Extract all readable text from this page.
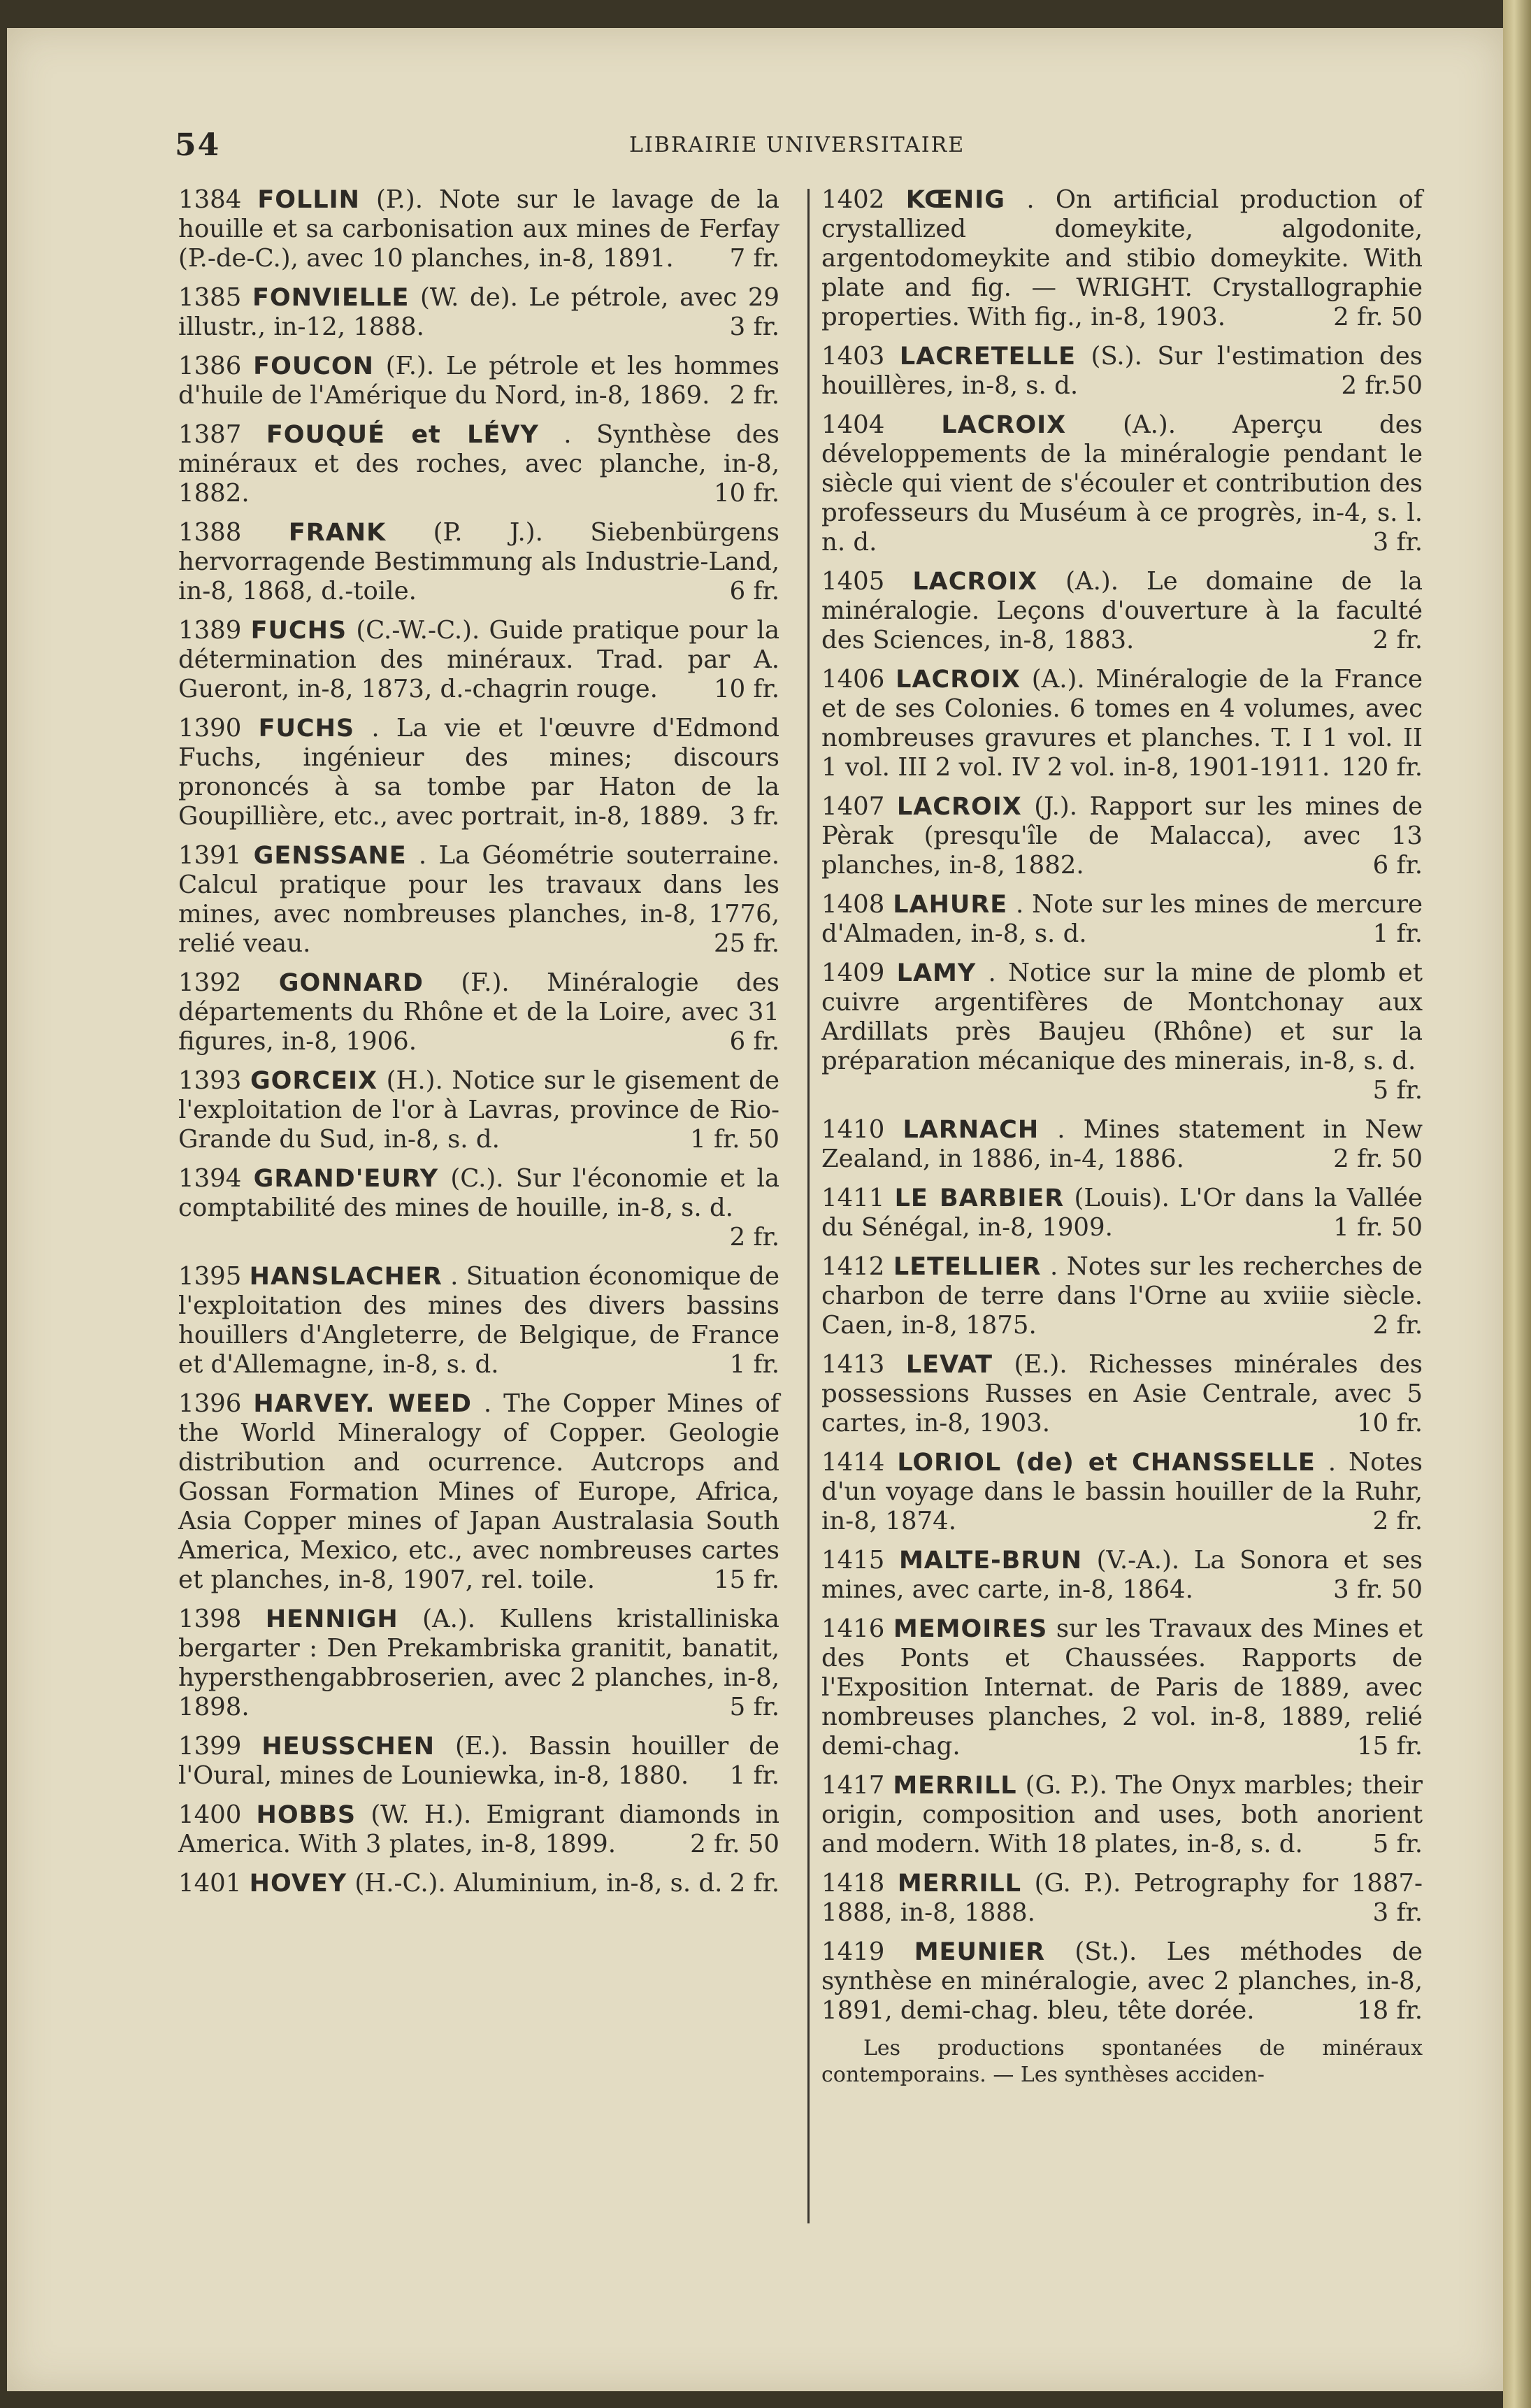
54	LIBRAIRIE UNIVERSITAIRE
1384 FOLLIN (P.). Note sur le lavage de la houille et sa carbonisation aux mines de Ferfay (P.-de-C.), avec 10 planches, in-8, 1891. 7 fr.
1385 FONVIELLE (W. de). Le pétrole, avec 29 illustr., in-12, 1888.	3 fr.
1386 FOUCON (F.). Le pétrole et les hommes d'huile de l'Amérique du Nord, in-8, 1869. 2 fr.
1387 FOUQUÉ et LÉVY . Synthèse des minéraux et des roches, avec planche, in-8, 1882.	10 fr.
1388 FRANK (P. J.). Siebenbürgens hervorragende Bestimmung als Industrie-Land, in-8, 1868, d.-toile.	6 fr.
1389 FUCHS (C.-W.-C.). Guide pratique pour la détermination des minéraux. Trad. par A. Gueront, in-8, 1873, d.-chagrin rouge. 10 fr.
1390 FUCHS . La vie et l'œuvre d'Edmond Fuchs, ingénieur des mines; discours prononcés à sa tombe par Haton de la Goupillière, etc., avec portrait, in-8, 1889. 3 fr.
1391 GENSSANE . La Géométrie souterraine. Calcul pratique pour les travaux dans les mines, avec nombreuses planches, in-8, 1776, relié veau.	25 fr.
1392 GONNARD (F.). Minéralogie des départements du Rhône et de la Loire, avec 31 figures, in-8, 1906.	6 fr.
1393 GORCEIX (H.). Notice sur le gisement de l'exploitation de l'or à Lavras, province de Rio-Grande du Sud, in-8, s. d.	1 fr. 50
1394 GRAND'EURY (C.). Sur l'économie et la comptabilité des mines de houille, in-8, s. d.
2 fr.
1395 HANSLACHER . Situation économique de l'exploitation des mines des divers bassins houillers d'Angleterre, de Belgique, de France et d'Allemagne, in-8, s. d.	1 fr.
1396 HARVEY. WEED . The Copper Mines of the World Mineralogy of Copper. Geologie distribution and ocurrence. Autcrops and Gossan Formation Mines of Europe, Africa, Asia Copper mines of Japan Australasia South America, Mexico, etc., avec nombreuses cartes et planches, in-8, 1907, rel. toile.	15 fr.
1398 HENNIGH (A.). Kullens kristalliniska bergarter : Den Prekambriska granitit, banatit, hypersthengabbroserien, avec 2 planches, in-8, 1898.	5 fr.
1399 HEUSSCHEN (E.). Bassin houiller de l'Oural, mines de Louniewka, in-8, 1880. 1 fr.
1400 HOBBS (W. H.). Emigrant diamonds in America. With 3 plates, in-8, 1899.	2 fr. 50
1401 HOVEY (H.-C.). Aluminium, in-8, s. d. 2 fr.
1402 KŒNIG . On artificial production of crystallized domeykite, algodonite, argentodomeykite and stibio domeykite. With plate and fig. — WRIGHT. Crystallographie properties. With fig., in-8, 1903.	2 fr. 50
1403 LACRETELLE (S.). Sur l'estimation des houillères, in-8, s. d.	2 fr.50
1404 LACROIX (A.). Aperçu des développements de la minéralogie pendant le siècle qui vient de s'écouler et contribution des professeurs du Muséum à ce progrès, in-4, s. l. n. d.	3 fr.
1405 LACROIX (A.). Le domaine de la minéralogie. Leçons d'ouverture à la faculté des Sciences, in-8, 1883.	2 fr.
1406 LACROIX (A.). Minéralogie de la France et de ses Colonies. 6 tomes en 4 volumes, avec nombreuses gravures et planches. T. I 1 vol. II 1 vol. III 2 vol. IV 2 vol. in-8, 1901-1911. 120 fr.
1407 LACROIX (J.). Rapport sur les mines de Pèrak (presqu'île de Malacca), avec 13 planches, in-8, 1882.	6 fr.
1408 LAHURE . Note sur les mines de mercure d'Almaden, in-8, s. d.	1 fr.
1409 LAMY . Notice sur la mine de plomb et cuivre argentifères de Montchonay aux Ardillats près Baujeu (Rhône) et sur la préparation mécanique des minerais, in-8, s. d.
5 fr.
1410 LARNACH . Mines statement in New Zealand, in 1886, in-4, 1886.	2 fr. 50
1411 LE BARBIER (Louis). L'Or dans la Vallée du Sénégal, in-8, 1909.	1 fr. 50
1412 LETELLIER . Notes sur les recherches de charbon de terre dans l'Orne au xviiie siècle. Caen, in-8, 1875.	2 fr.
1413 LEVAT (E.). Richesses minérales des possessions Russes en Asie Centrale, avec 5 cartes, in-8, 1903.	10 fr.
1414 LORIOL (de) et CHANSSELLE . Notes d'un voyage dans le bassin houiller de la Ruhr, in-8, 1874.	2 fr.
1415 MALTE-BRUN (V.-A.). La Sonora et ses mines, avec carte, in-8, 1864.	3 fr. 50
1416 MEMOIRES sur les Travaux des Mines et des Ponts et Chaussées. Rapports de l'Exposition Internat. de Paris de 1889, avec nombreuses planches, 2 vol. in-8, 1889, relié demi-chag.	15 fr.
1417 MERRILL (G. P.). The Onyx marbles; their origin, composition and uses, both anorient and modern. With 18 plates, in-8, s. d.	5 fr.
1418 MERRILL (G. P.). Petrography for 1887-1888, in-8, 1888.	3 fr.
1419 MEUNIER (St.). Les méthodes de synthèse en minéralogie, avec 2 planches, in-8, 1891, demi-chag. bleu, tête dorée.	18 fr.
Les productions spontanées de minéraux contemporains. — Les synthèses acciden-
